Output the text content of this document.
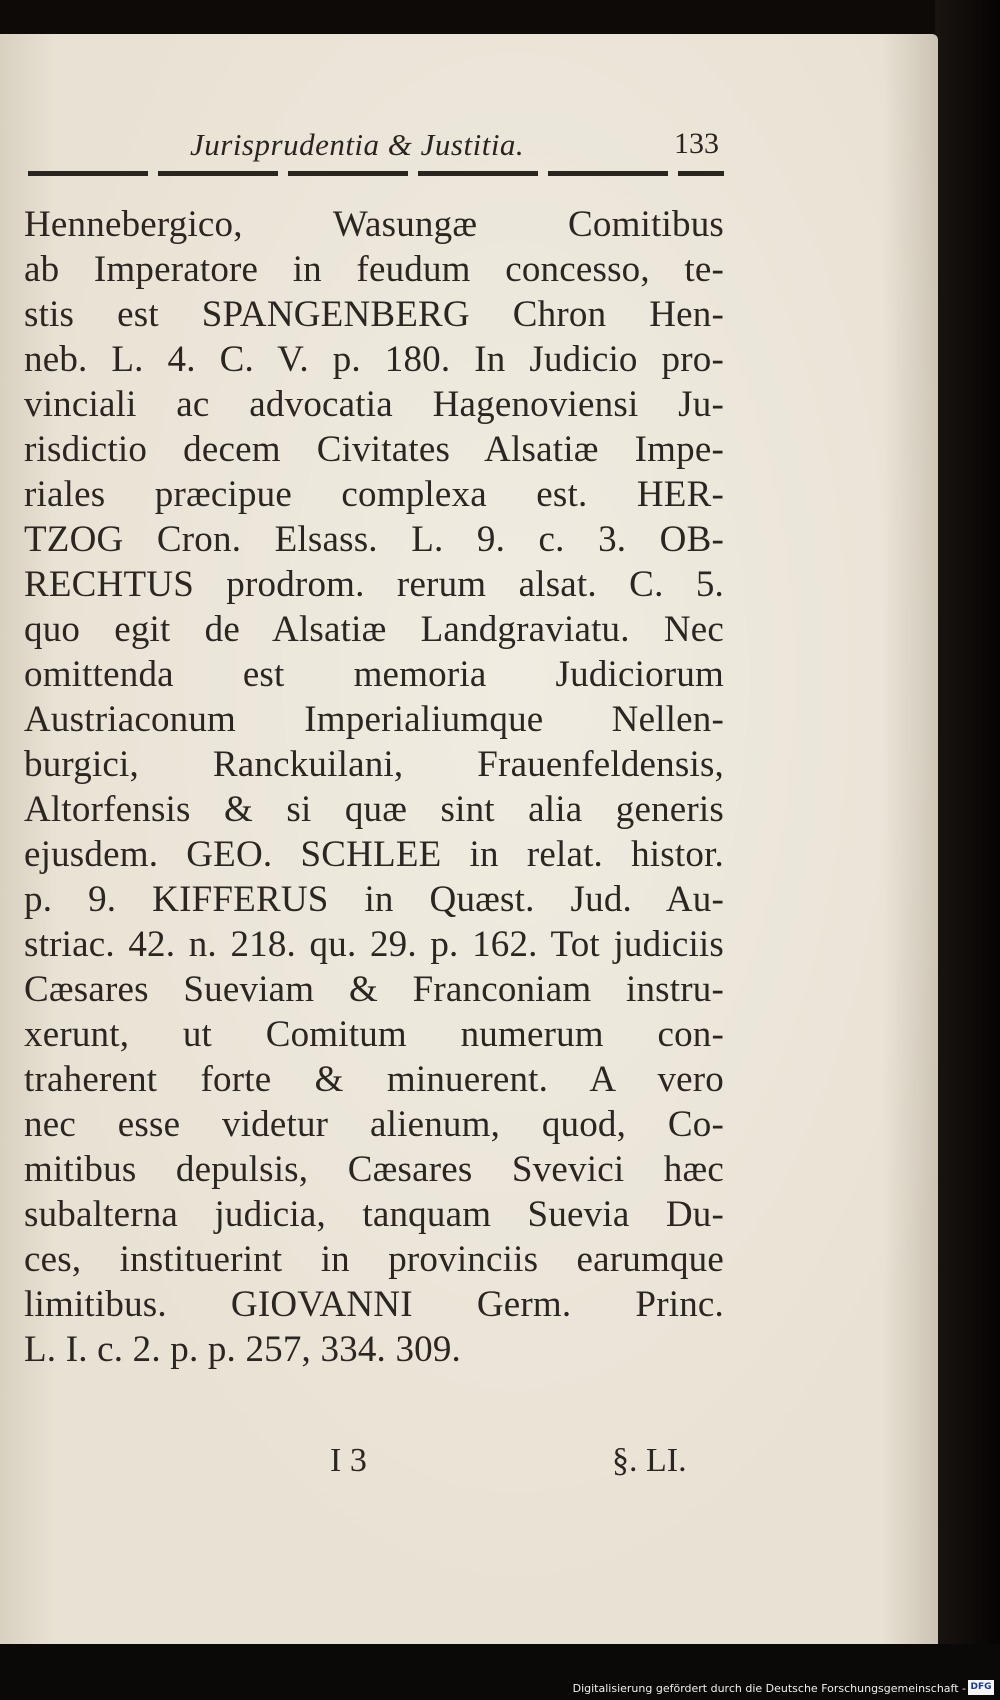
Jurisprudentia & Justitia.	133
Hennebergico, Wasungæ Comitibus
ab Imperatore in feudum concesso, te-
stis est SPANGENBERG Chron Hen-
neb. L. 4. C. V. p. 180. In Judicio pro-
vinciali ac advocatia Hagenoviensi Ju-
risdictio decem Civitates Alsatiæ Impe-
riales præcipue complexa est. HER-
TZOG Cron. Elsass. L. 9. c. 3. OB-
RECHTUS prodrom. rerum alsat. C. 5.
quo egit de Alsatiæ Landgraviatu. Nec
omittenda est memoria Judiciorum
Austriaconum Imperialiumque Nellen-
burgici, Ranckuilani, Frauenfeldensis,
Altorfensis & si quæ sint alia generis
ejusdem. GEO. SCHLEE in relat. histor.
p. 9. KIFFERUS in Quæst. Jud. Au-
striac. 42. n. 218. qu. 29. p. 162. Tot judiciis
Cæsares Sueviam & Franconiam instru-
xerunt, ut Comitum numerum con-
traherent forte & minuerent. A vero
nec esse videtur alienum, quod, Co-
mitibus depulsis, Cæsares Svevici hæc
subalterna judicia, tanquam Suevia Du-
ces, instituerint in provinciis earumque
limitibus. GIOVANNI Germ. Princ.
L. I. c. 2. p. p. 257, 334. 309.
I 3	§. LI.
Digitalisierung gefördert durch die Deutsche Forschungsgemeinschaft - DFG
